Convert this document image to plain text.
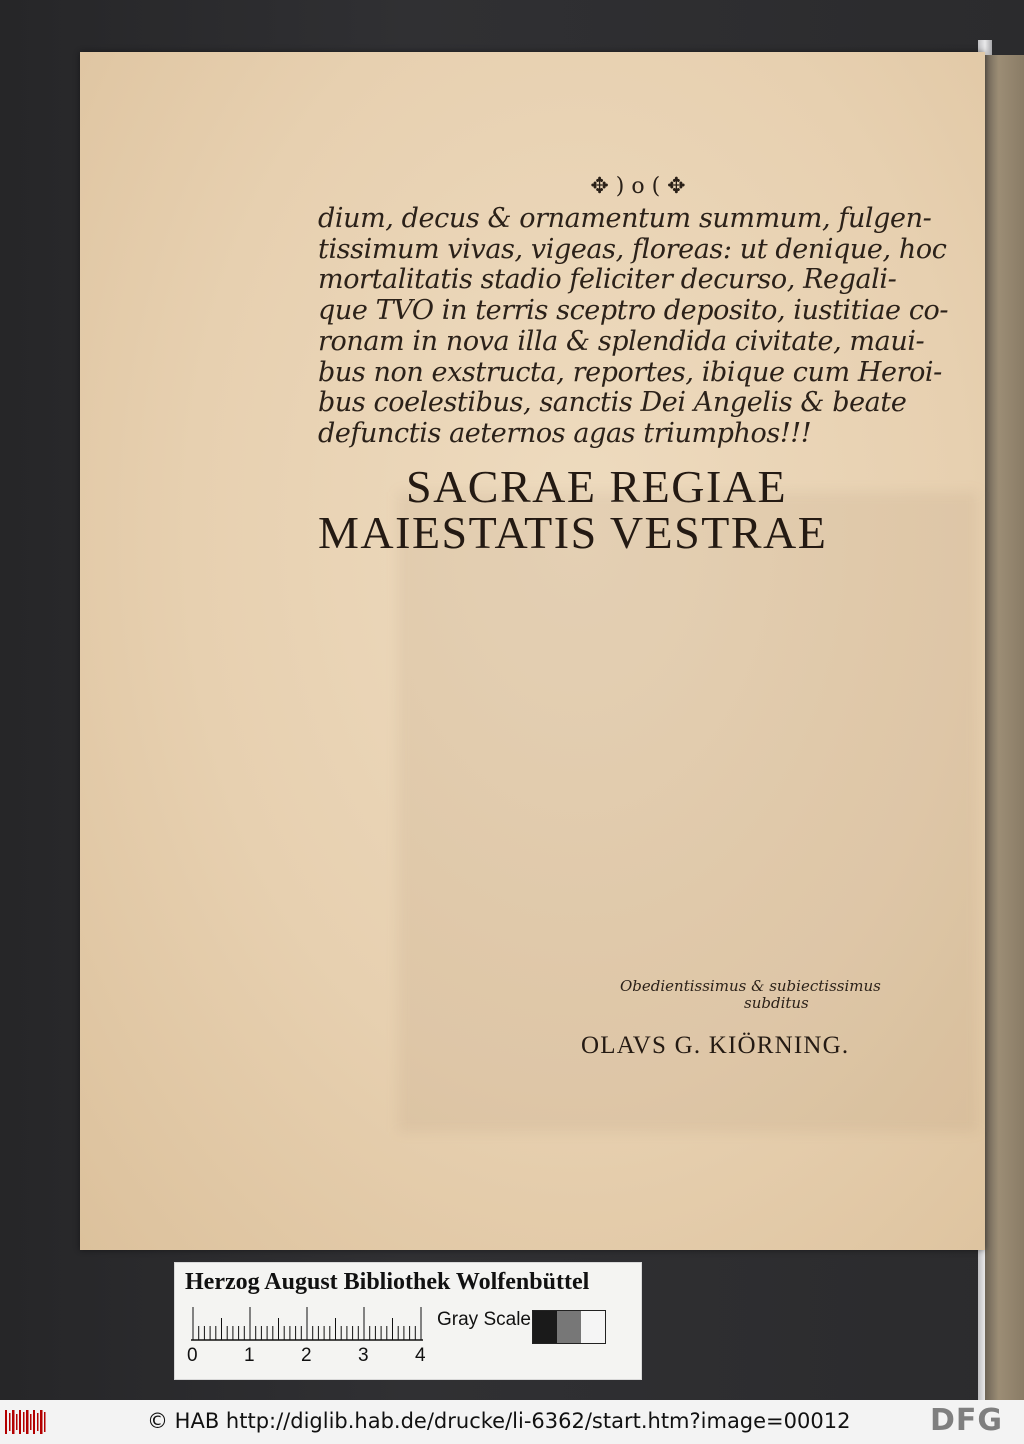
✥ ) o ( ✥
dium, decus & ornamentum summum, fulgen-
tissimum vivas, vigeas, floreas: ut denique, hoc
mortalitatis stadio feliciter decurso, Regali-
que TVO in terris sceptro deposito, iustitiae co-
ronam in nova illa & splendida civitate, maui-
bus non exstructa, reportes, ibique cum Heroi-
bus coelestibus, sanctis Dei Angelis & beate
defunctis aeternos agas triumphos!!!
SACRAE REGIAE
MAIESTATIS VESTRAE
Obedientissimus & subiectissimus
subditus
OLAVS G. KIÖRNING.
Herzog August Bibliothek Wolfenbüttel
0 1 2 3 4
Gray Scale
© HAB http://diglib.hab.de/drucke/li-6362/start.htm?image=00012	DFG
